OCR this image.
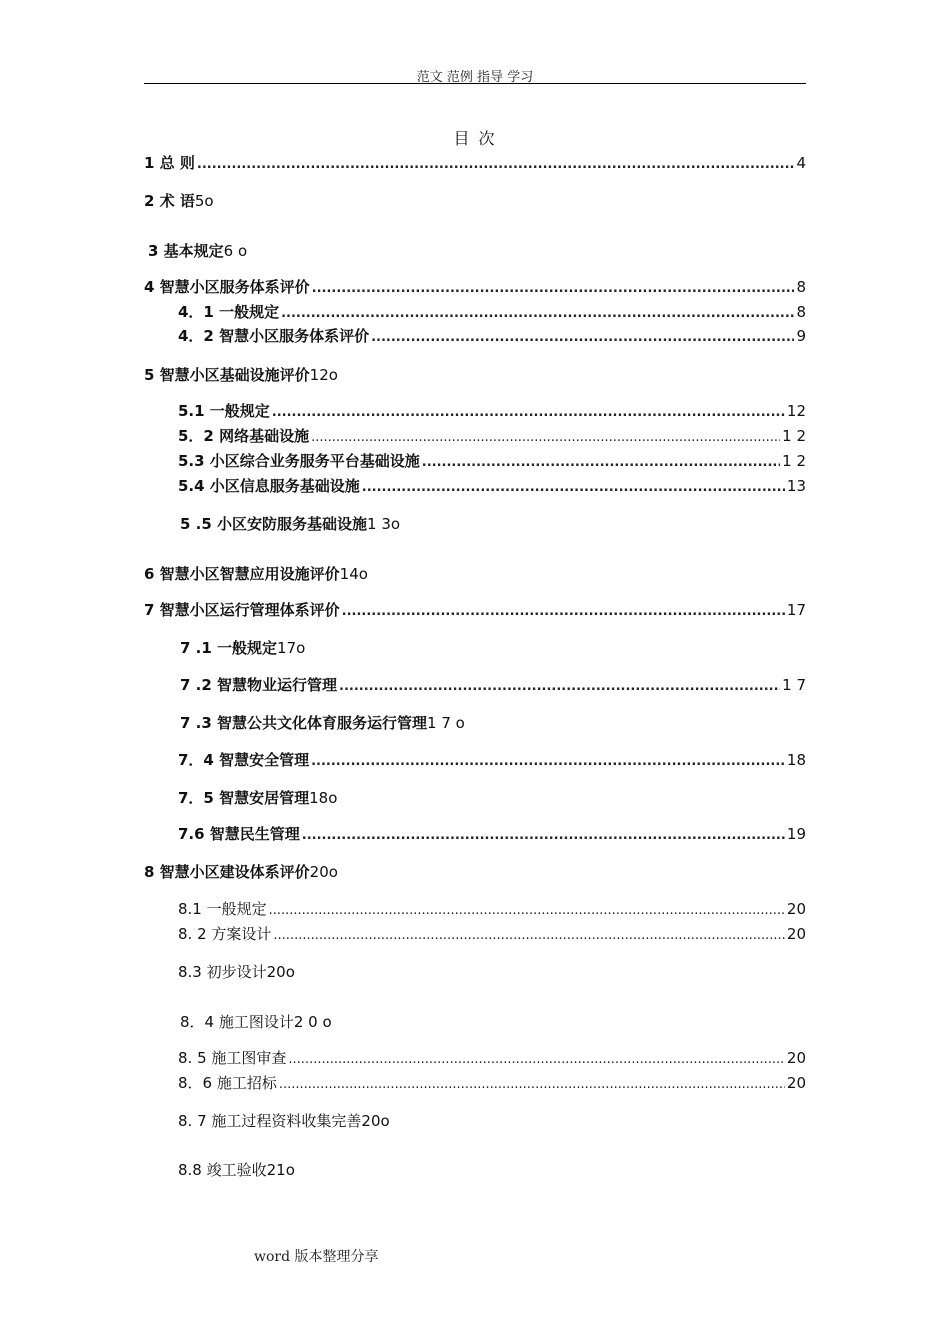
范文 范例 指导 学习
目 次
1 总 则 .....	4
2 术 语 5o
3 基本规定 6 o
4 智慧小区服务体系评价 .....	8
4．1 一般规定 .....	8
4．2 智慧小区服务体系评价 .....	9
5 智慧小区基础设施评价 12o
5.1 一般规定 .....	12
5．2 网络基础设施 .....	1 2
5.3 小区综合业务服务平台基础设施 .....	1 2
5.4 小区信息服务基础设施 .....	13
5 .5 小区安防服务基础设施 1 3o
6 智慧小区智慧应用设施评价 14o
7 智慧小区运行管理体系评价 .....	17
7 .1 一般规定 17o
7 .2 智慧物业运行管理 .....	1 7
7 .3 智慧公共文化体育服务运行管理 1 7 o
7．4 智慧安全管理 .....	18
7．5 智慧安居管理 18o
7.6 智慧民生管理 .....	19
8 智慧小区建设体系评价 20o
8.1 一般规定 .....	20
8. 2 方案设计 .....	20
8.3 初步设计 20o
8．4 施工图设计 2 0 o
8. 5 施工图审查 .....	20
8．6 施工招标 .....	20
8. 7 施工过程资料收集完善 20o
8.8 竣工验收 21o
word 版本整理分享
